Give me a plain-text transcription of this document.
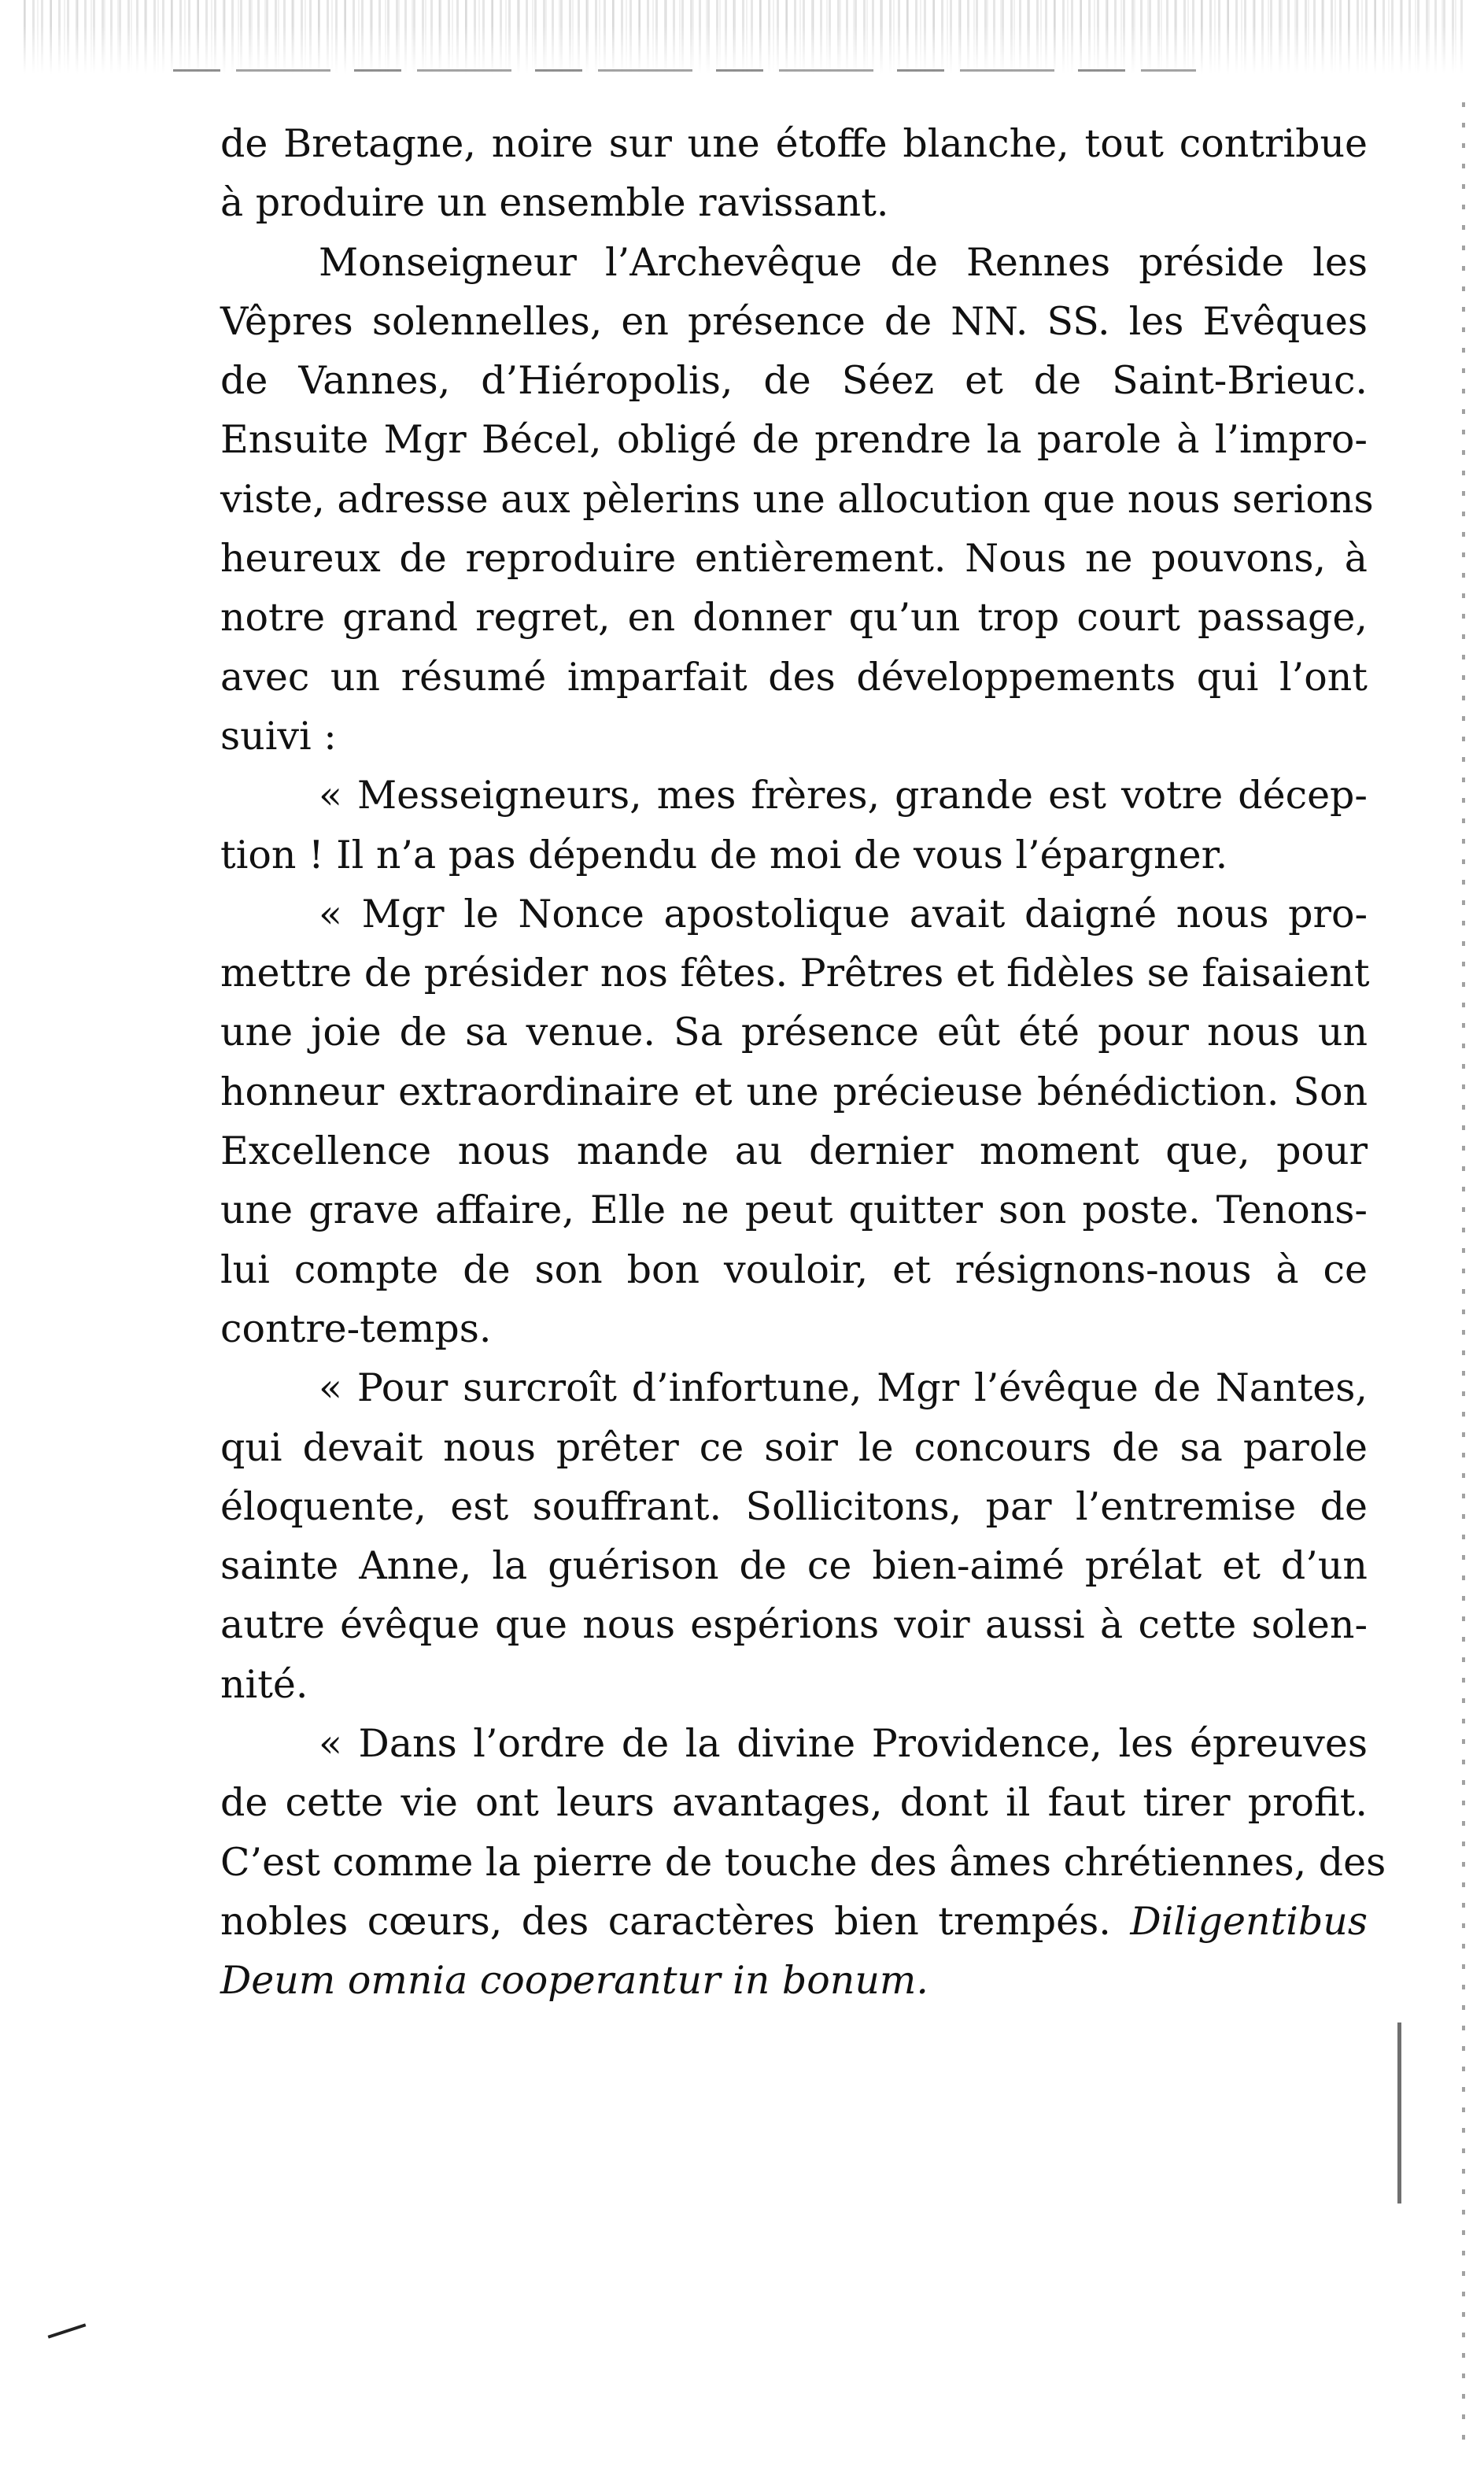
de Bretagne, noire sur une étoffe blanche, tout contribue
à produire un ensemble ravissant.
Monseigneur l’Archevêque de Rennes préside les
Vêpres solennelles, en présence de NN. SS. les Evêques
de Vannes, d’Hiéropolis, de Séez et de Saint-Brieuc.
Ensuite Mgr Bécel, obligé de prendre la parole à l’impro-
viste, adresse aux pèlerins une allocution que nous serions
heureux de reproduire entièrement. Nous ne pouvons, à
notre grand regret, en donner qu’un trop court passage,
avec un résumé imparfait des développements qui l’ont
suivi :
« Messeigneurs, mes frères, grande est votre décep-
tion ! Il n’a pas dépendu de moi de vous l’épargner.
« Mgr le Nonce apostolique avait daigné nous pro-
mettre de présider nos fêtes. Prêtres et fidèles se faisaient
une joie de sa venue. Sa présence eût été pour nous un
honneur extraordinaire et une précieuse bénédiction. Son
Excellence nous mande au dernier moment que, pour
une grave affaire, Elle ne peut quitter son poste. Tenons-
lui compte de son bon vouloir, et résignons-nous à ce
contre-temps.
« Pour surcroît d’infortune, Mgr l’évêque de Nantes,
qui devait nous prêter ce soir le concours de sa parole
éloquente, est souffrant. Sollicitons, par l’entremise de
sainte Anne, la guérison de ce bien-aimé prélat et d’un
autre évêque que nous espérions voir aussi à cette solen-
nité.
« Dans l’ordre de la divine Providence, les épreuves
de cette vie ont leurs avantages, dont il faut tirer profit.
C’est comme la pierre de touche des âmes chrétiennes, des
nobles cœurs, des caractères bien trempés. Diligentibus
Deum omnia cooperantur in bonum.
